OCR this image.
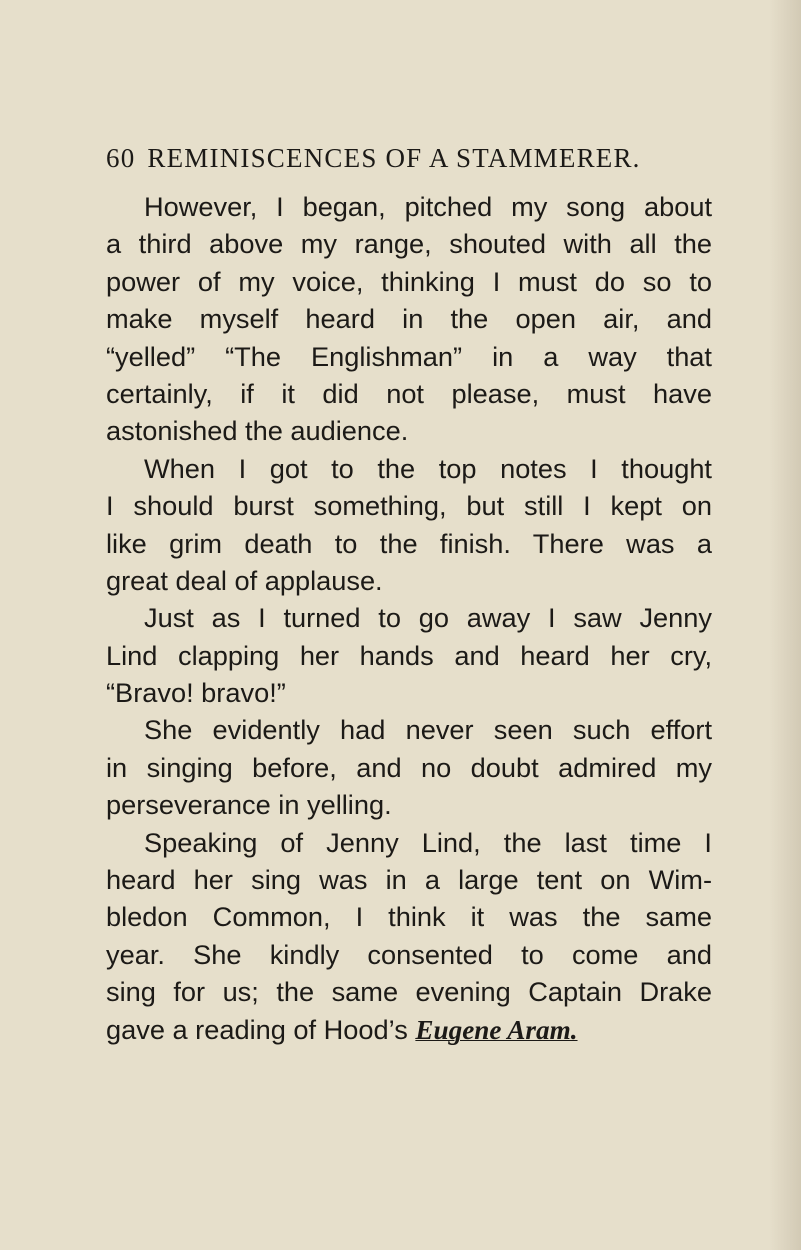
60 REMINISCENCES OF A STAMMERER.
However, I began, pitched my song about
a third above my range, shouted with all the
power of my voice, thinking I must do so to
make myself heard in the open air, and
“yelled” “The Englishman” in a way that
certainly, if it did not please, must have
astonished the audience.
When I got to the top notes I thought
I should burst something, but still I kept on
like grim death to the finish. There was a
great deal of applause.
Just as I turned to go away I saw Jenny
Lind clapping her hands and heard her cry,
“Bravo! bravo!”
She evidently had never seen such effort
in singing before, and no doubt admired my
perseverance in yelling.
Speaking of Jenny Lind, the last time I
heard her sing was in a large tent on Wim-
bledon Common, I think it was the same
year. She kindly consented to come and
sing for us; the same evening Captain Drake
gave a reading of Hood’s Eugene Aram.
